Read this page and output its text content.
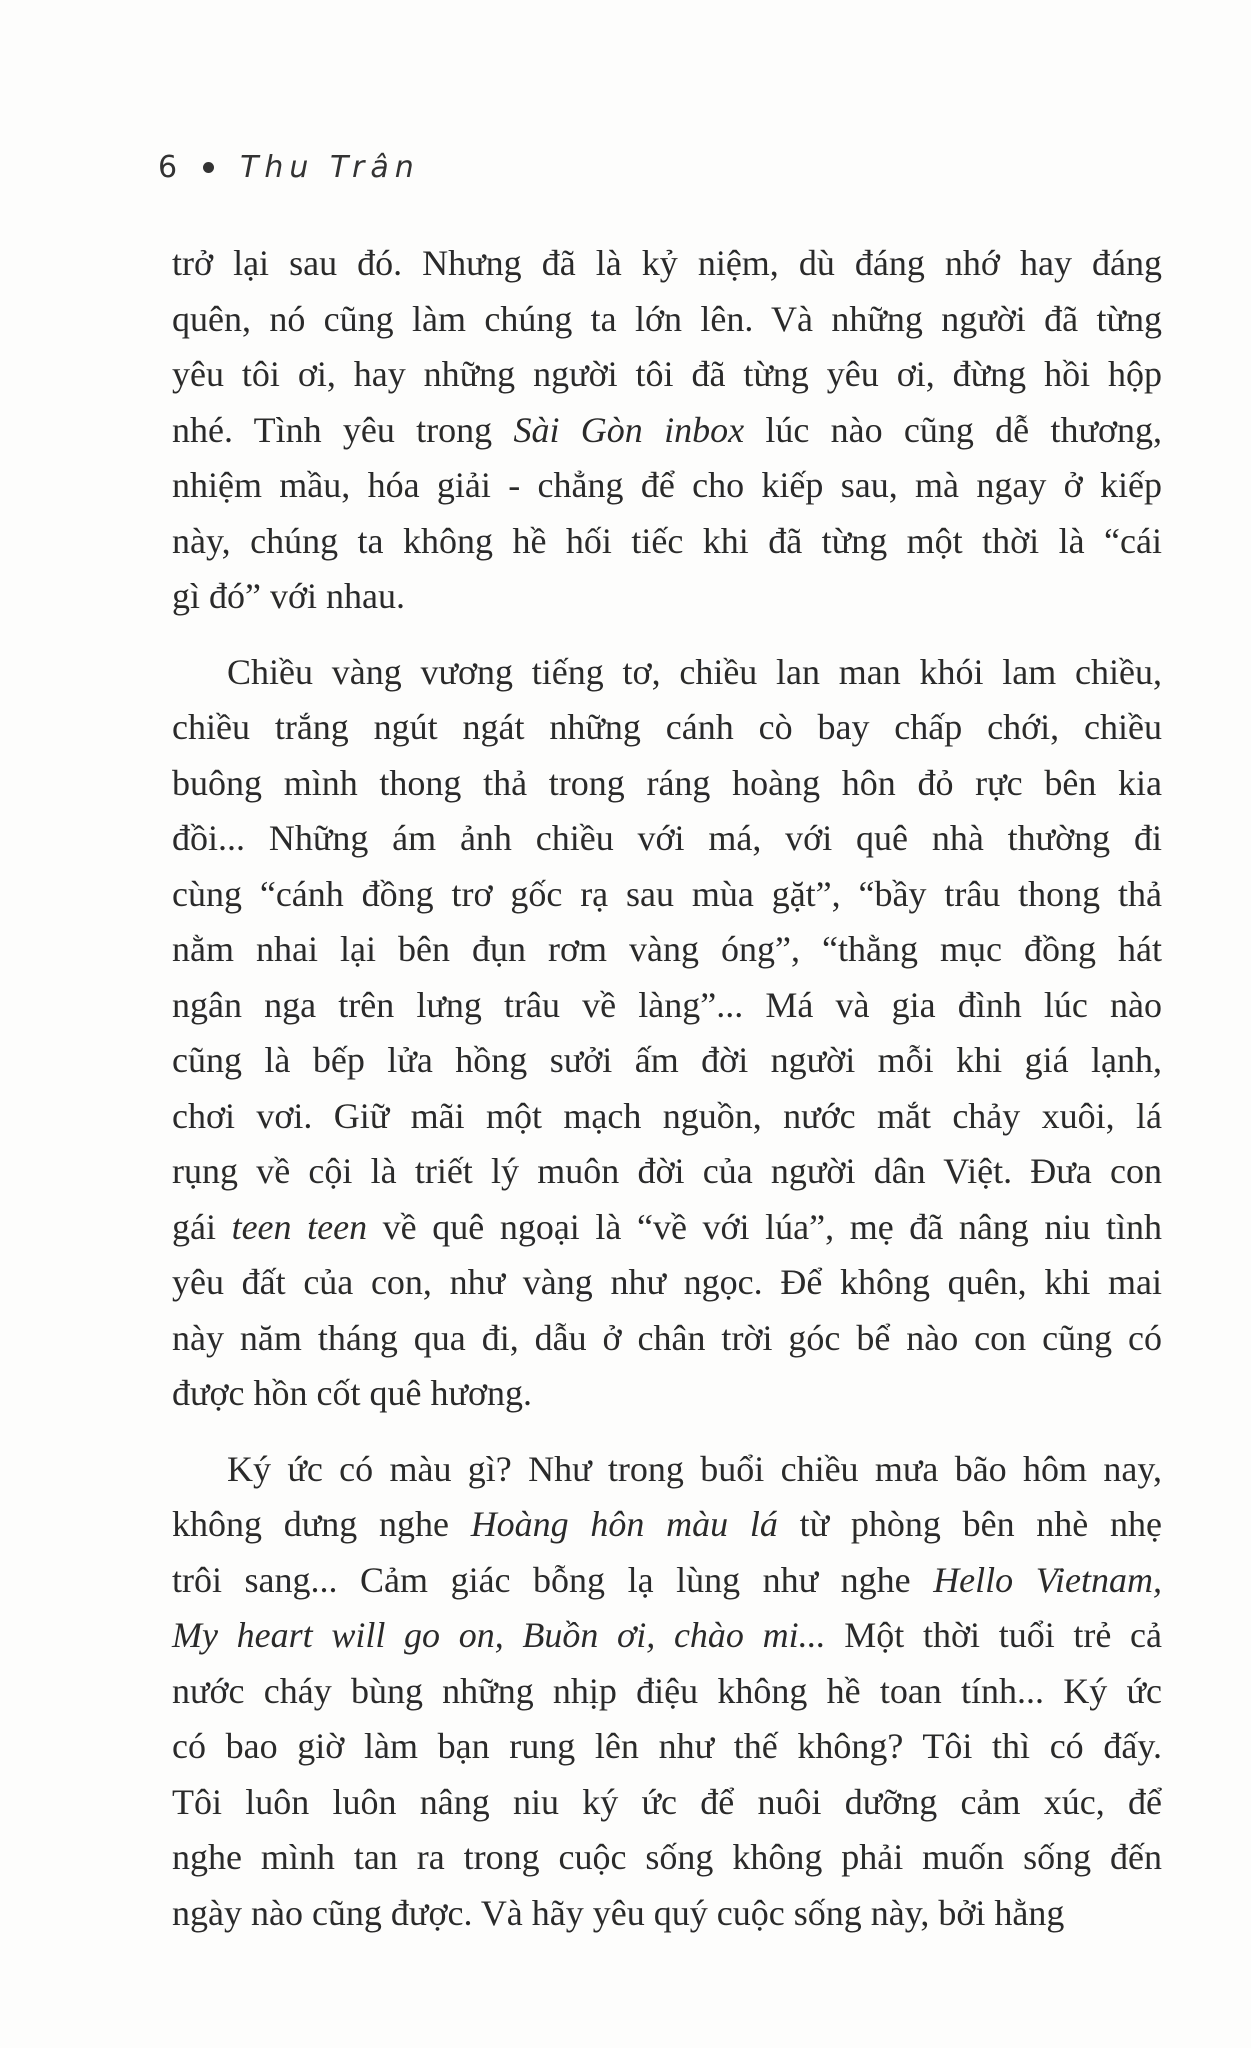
6 Thu Trân
trở lại sau đó. Nhưng đã là kỷ niệm, dù đáng nhớ hay đáng
quên, nó cũng làm chúng ta lớn lên. Và những người đã từng
yêu tôi ơi, hay những người tôi đã từng yêu ơi, đừng hồi hộp
nhé. Tình yêu trong Sài Gòn inbox lúc nào cũng dễ thương,
nhiệm mầu, hóa giải - chẳng để cho kiếp sau, mà ngay ở kiếp
này, chúng ta không hề hối tiếc khi đã từng một thời là “cái
gì đó” với nhau.
Chiều vàng vương tiếng tơ, chiều lan man khói lam chiều,
chiều trắng ngút ngát những cánh cò bay chấp chới, chiều
buông mình thong thả trong ráng hoàng hôn đỏ rực bên kia
đồi... Những ám ảnh chiều với má, với quê nhà thường đi
cùng “cánh đồng trơ gốc rạ sau mùa gặt”, “bầy trâu thong thả
nằm nhai lại bên đụn rơm vàng óng”, “thằng mục đồng hát
ngân nga trên lưng trâu về làng”... Má và gia đình lúc nào
cũng là bếp lửa hồng sưởi ấm đời người mỗi khi giá lạnh,
chơi vơi. Giữ mãi một mạch nguồn, nước mắt chảy xuôi, lá
rụng về cội là triết lý muôn đời của người dân Việt. Đưa con
gái teen teen về quê ngoại là “về với lúa”, mẹ đã nâng niu tình
yêu đất của con, như vàng như ngọc. Để không quên, khi mai
này năm tháng qua đi, dẫu ở chân trời góc bể nào con cũng có
được hồn cốt quê hương.
Ký ức có màu gì? Như trong buổi chiều mưa bão hôm nay,
không dưng nghe Hoàng hôn màu lá từ phòng bên nhè nhẹ
trôi sang... Cảm giác bỗng lạ lùng như nghe Hello Vietnam,
My heart will go on, Buồn ơi, chào mi... Một thời tuổi trẻ cả
nước cháy bùng những nhịp điệu không hề toan tính... Ký ức
có bao giờ làm bạn rung lên như thế không? Tôi thì có đấy.
Tôi luôn luôn nâng niu ký ức để nuôi dưỡng cảm xúc, để
nghe mình tan ra trong cuộc sống không phải muốn sống đến
ngày nào cũng được. Và hãy yêu quý cuộc sống này, bởi hằng
